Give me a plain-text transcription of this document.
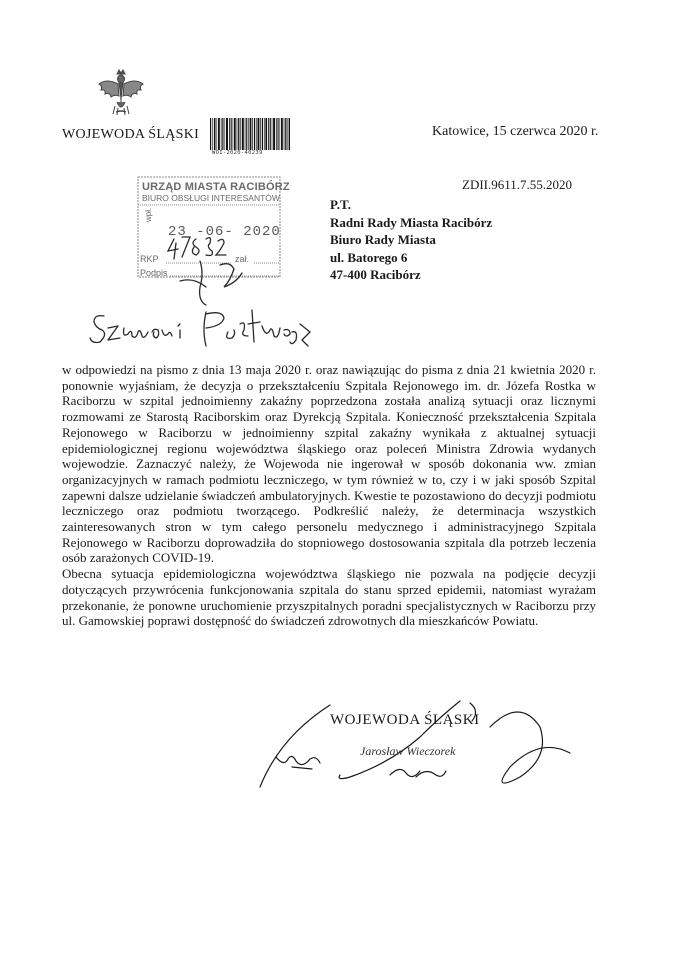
WOJEWODA ŚLĄSKI
WOI-2020-40239
Katowice, 15 czerwca 2020 r.
ZDII.9611.7.55.2020
URZĄD MIASTA RACIBÓRZ
BIURO OBSŁUGI INTERESANTÓW
wpł.
23 -06- 2020
RKP	zał.
Podpis
P.T.
Radni Rady Miasta Racibórz
Biuro Rady Miasta
ul. Batorego 6
47-400 Racibórz

w odpowiedzi na pismo z dnia 13 maja 2020 r. oraz nawiązując do pisma z dnia 21 kwietnia 2020 r. ponownie wyjaśniam, że decyzja o przekształceniu Szpitala Rejonowego im. dr. Józefa Rostka w Raciborzu w szpital jednoimienny zakaźny poprzedzona została analizą sytuacji oraz licznymi rozmowami ze Starostą Raciborskim oraz Dyrekcją Szpitala. Konieczność przekształcenia Szpitala Rejonowego w Raciborzu w jednoimienny szpital zakaźny wynikała z aktualnej sytuacji epidemiologicznej regionu województwa śląskiego oraz poleceń Ministra Zdrowia wydanych wojewodzie. Zaznaczyć należy, że Wojewoda nie ingerował w sposób dokonania ww. zmian organizacyjnych w ramach podmiotu leczniczego, w tym również w to, czy i w jaki sposób Szpital zapewni dalsze udzielanie świadczeń ambulatoryjnych. Kwestie te pozostawiono do decyzji podmiotu leczniczego oraz podmiotu tworzącego. Podkreślić należy, że determinacja wszystkich zainteresowanych stron w tym całego personelu medycznego i administracyjnego Szpitala Rejonowego w Raciborzu doprowadziła do stopniowego dostosowania szpitala dla potrzeb leczenia osób zarażonych COVID-19.

Obecna sytuacja epidemiologiczna województwa śląskiego nie pozwala na podjęcie decyzji dotyczących przywrócenia funkcjonowania szpitala do stanu sprzed epidemii, natomiast wyrażam przekonanie, że ponowne uruchomienie przyszpitalnych poradni specjalistycznych w Raciborzu przy ul. Gamowskiej poprawi dostępność do świadczeń zdrowotnych dla mieszkańców Powiatu.

WOJEWODA ŚLĄSKI
Jarosław Wieczorek
